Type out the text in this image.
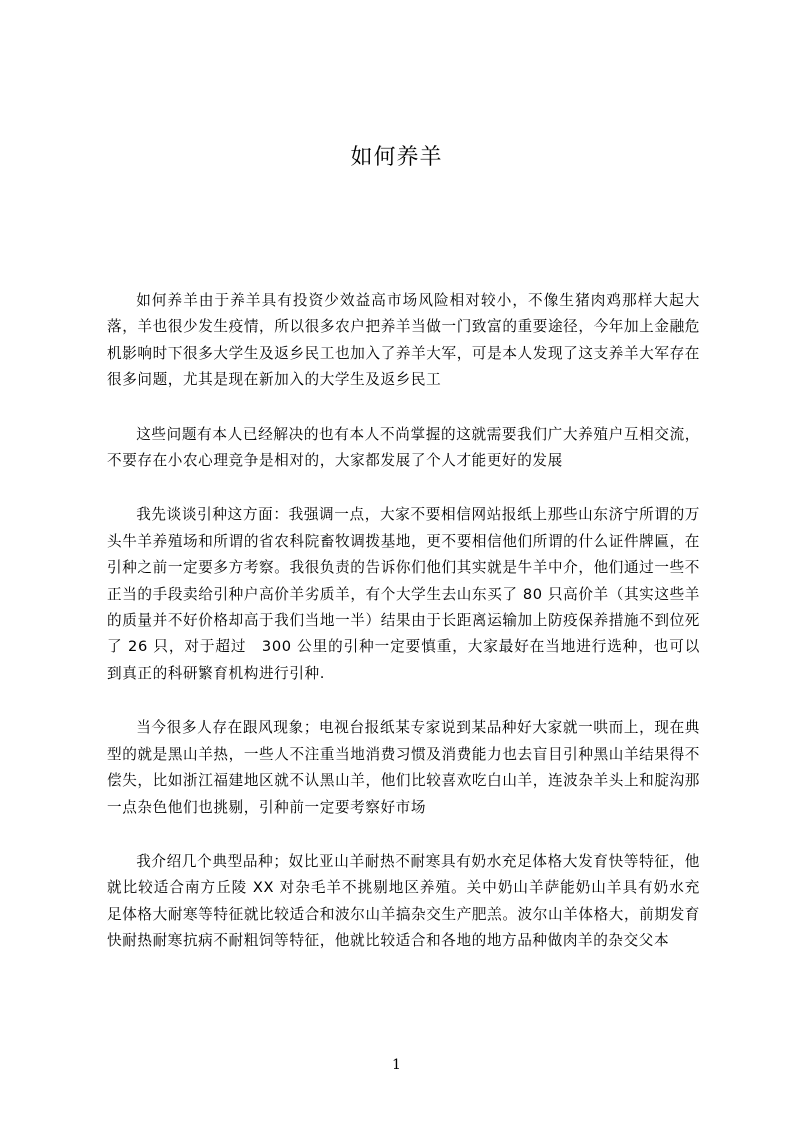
如何养羊

如何养羊由于养羊具有投资少效益高市场风险相对较小，不像生猪肉鸡那样大起大落，羊也很少发生疫情，所以很多农户把养羊当做一门致富的重要途径，今年加上金融危机影响时下很多大学生及返乡民工也加入了养羊大军，可是本人发现了这支养羊大军存在很多问题，尤其是现在新加入的大学生及返乡民工

这些问题有本人已经解决的也有本人不尚掌握的这就需要我们广大养殖户互相交流，不要存在小农心理竞争是相对的，大家都发展了个人才能更好的发展

我先谈谈引种这方面：我强调一点，大家不要相信网站报纸上那些山东济宁所谓的万头牛羊养殖场和所谓的省农科院畜牧调拨基地，更不要相信他们所谓的什么证件牌匾，在引种之前一定要多方考察。我很负责的告诉你们他们其实就是牛羊中介，他们通过一些不正当的手段卖给引种户高价羊劣质羊，有个大学生去山东买了 80 只高价羊（其实这些羊的质量并不好价格却高于我们当地一半）结果由于长距离运输加上防疫保养措施不到位死了 26 只，对于超过　300 公里的引种一定要慎重，大家最好在当地进行选种，也可以到真正的科研繁育机构进行引种.

当今很多人存在跟风现象；电视台报纸某专家说到某品种好大家就一哄而上，现在典型的就是黑山羊热，一些人不注重当地消费习惯及消费能力也去盲目引种黑山羊结果得不偿失，比如浙江福建地区就不认黑山羊，他们比较喜欢吃白山羊，连波杂羊头上和腚沟那一点杂色他们也挑剔，引种前一定要考察好市场

我介绍几个典型品种；奴比亚山羊耐热不耐寒具有奶水充足体格大发育快等特征，他就比较适合南方丘陵 XX 对杂毛羊不挑剔地区养殖。关中奶山羊萨能奶山羊具有奶水充足体格大耐寒等特征就比较适合和波尔山羊搞杂交生产肥羔。波尔山羊体格大，前期发育快耐热耐寒抗病不耐粗饲等特征，他就比较适合和各地的地方品种做肉羊的杂交父本

1
